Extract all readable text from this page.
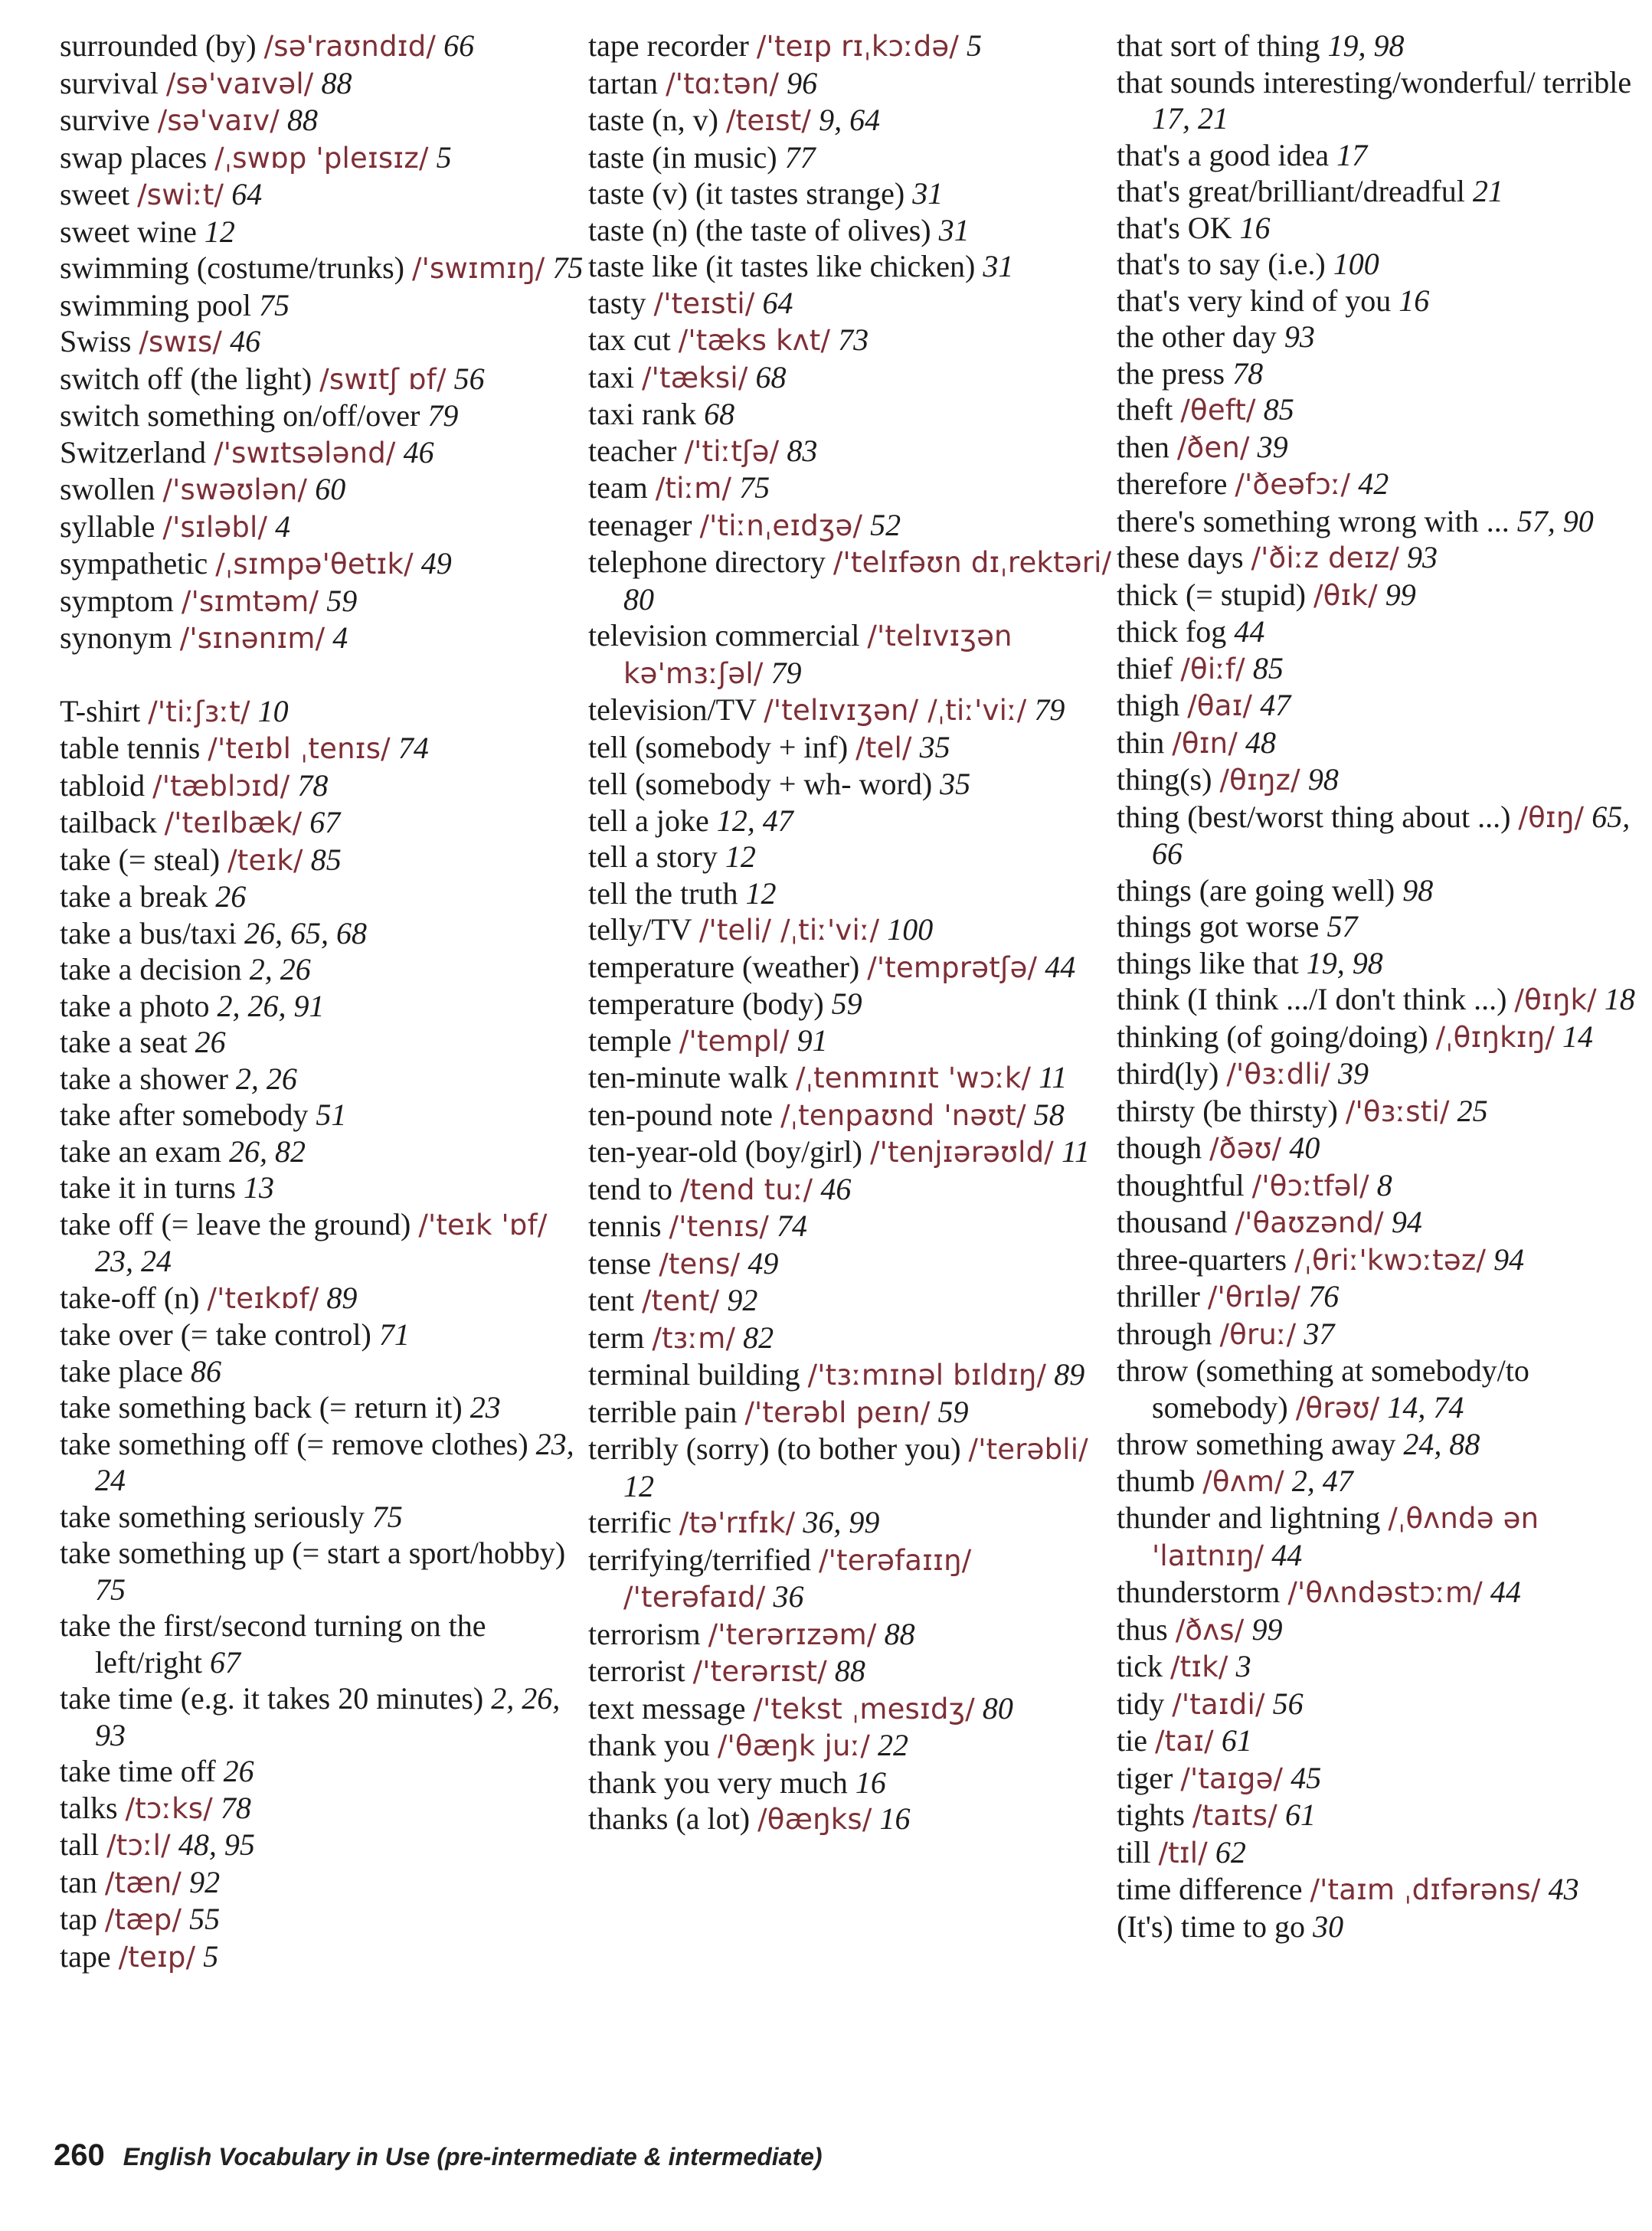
surrounded (by) /sə'raʊndɪd/ 66
survival /sə'vaɪvəl/ 88
survive /sə'vaɪv/ 88
swap places /ˌswɒp 'pleɪsɪz/ 5
sweet /swiːt/ 64
sweet wine 12
swimming (costume/trunks) /'swɪmɪŋ/ 75
swimming pool 75
Swiss /swɪs/ 46
switch off (the light) /swɪtʃ ɒf/ 56
switch something on/off/over 79
Switzerland /'swɪtsələnd/ 46
swollen /'swəʊlən/ 60
syllable /'sɪləbl/ 4
sympathetic /ˌsɪmpə'θetɪk/ 49
symptom /'sɪmtəm/ 59
synonym /'sɪnənɪm/ 4
T-shirt /'tiːʃɜːt/ 10
table tennis /'teɪbl ˌtenɪs/ 74
tabloid /'tæblɔɪd/ 78
tailback /'teɪlbæk/ 67
take (= steal) /teɪk/ 85
take a break 26
take a bus/taxi 26, 65, 68
take a decision 2, 26
take a photo 2, 26, 91
take a seat 26
take a shower 2, 26
take after somebody 51
take an exam 26, 82
take it in turns 13
take off (= leave the ground) /'teɪk 'ɒf/ 23, 24
take-off (n) /'teɪkɒf/ 89
take over (= take control) 71
take place 86
take something back (= return it) 23
take something off (= remove clothes) 23, 24
take something seriously 75
take something up (= start a sport/hobby) 75
take the first/second turning on the left/right 67
take time (e.g. it takes 20 minutes) 2, 26, 93
take time off 26
talks /tɔːks/ 78
tall /tɔːl/ 48, 95
tan /tæn/ 92
tap /tæp/ 55
tape /teɪp/ 5
tape recorder /'teɪp rɪˌkɔːdə/ 5
tartan /'tɑːtən/ 96
taste (n, v) /teɪst/ 9, 64
taste (in music) 77
taste (v) (it tastes strange) 31
taste (n) (the taste of olives) 31
taste like (it tastes like chicken) 31
tasty /'teɪsti/ 64
tax cut /'tæks kʌt/ 73
taxi /'tæksi/ 68
taxi rank 68
teacher /'tiːtʃə/ 83
team /tiːm/ 75
teenager /'tiːnˌeɪdʒə/ 52
telephone directory /'telɪfəʊn dɪˌrektəri/ 80
television commercial /'telɪvɪʒən kə'mɜːʃəl/ 79
television/TV /'telɪvɪʒən/ /ˌtiː'viː/ 79
tell (somebody + inf) /tel/ 35
tell (somebody + wh- word) 35
tell a joke 12, 47
tell a story 12
tell the truth 12
telly/TV /'teli/ /ˌtiː'viː/ 100
temperature (weather) /'temprətʃə/ 44
temperature (body) 59
temple /'templ/ 91
ten-minute walk /ˌtenmɪnɪt 'wɔːk/ 11
ten-pound note /ˌtenpaʊnd 'nəʊt/ 58
ten-year-old (boy/girl) /'tenjɪərəʊld/ 11
tend to /tend tuː/ 46
tennis /'tenɪs/ 74
tense /tens/ 49
tent /tent/ 92
term /tɜːm/ 82
terminal building /'tɜːmɪnəl bɪldɪŋ/ 89
terrible pain /'terəbl peɪn/ 59
terribly (sorry) (to bother you) /'terəbli/ 12
terrific /tə'rɪfɪk/ 36, 99
terrifying/terrified /'terəfaɪɪŋ/ /'terəfaɪd/ 36
terrorism /'terərɪzəm/ 88
terrorist /'terərɪst/ 88
text message /'tekst ˌmesɪdʒ/ 80
thank you /'θæŋk juː/ 22
thank you very much 16
thanks (a lot) /θæŋks/ 16
that sort of thing 19, 98
that sounds interesting/wonderful/ terrible 17, 21
that's a good idea 17
that's great/brilliant/dreadful 21
that's OK 16
that's to say (i.e.) 100
that's very kind of you 16
the other day 93
the press 78
theft /θeft/ 85
then /ðen/ 39
therefore /'ðeəfɔː/ 42
there's something wrong with ... 57, 90
these days /'ðiːz deɪz/ 93
thick (= stupid) /θɪk/ 99
thick fog 44
thief /θiːf/ 85
thigh /θaɪ/ 47
thin /θɪn/ 48
thing(s) /θɪŋz/ 98
thing (best/worst thing about ...) /θɪŋ/ 65, 66
things (are going well) 98
things got worse 57
things like that 19, 98
think (I think .../I don't think ...) /θɪŋk/ 18
thinking (of going/doing) /ˌθɪŋkɪŋ/ 14
third(ly) /'θɜːdli/ 39
thirsty (be thirsty) /'θɜːsti/ 25
though /ðəʊ/ 40
thoughtful /'θɔːtfəl/ 8
thousand /'θaʊzənd/ 94
three-quarters /ˌθriː'kwɔːtəz/ 94
thriller /'θrɪlə/ 76
through /θruː/ 37
throw (something at somebody/to somebody) /θrəʊ/ 14, 74
throw something away 24, 88
thumb /θʌm/ 2, 47
thunder and lightning /ˌθʌndə ən 'laɪtnɪŋ/ 44
thunderstorm /'θʌndəstɔːm/ 44
thus /ðʌs/ 99
tick /tɪk/ 3
tidy /'taɪdi/ 56
tie /taɪ/ 61
tiger /'taɪgə/ 45
tights /taɪts/ 61
till /tɪl/ 62
time difference /'taɪm ˌdɪfərəns/ 43
(It's) time to go 30
260 English Vocabulary in Use (pre-intermediate & intermediate)
